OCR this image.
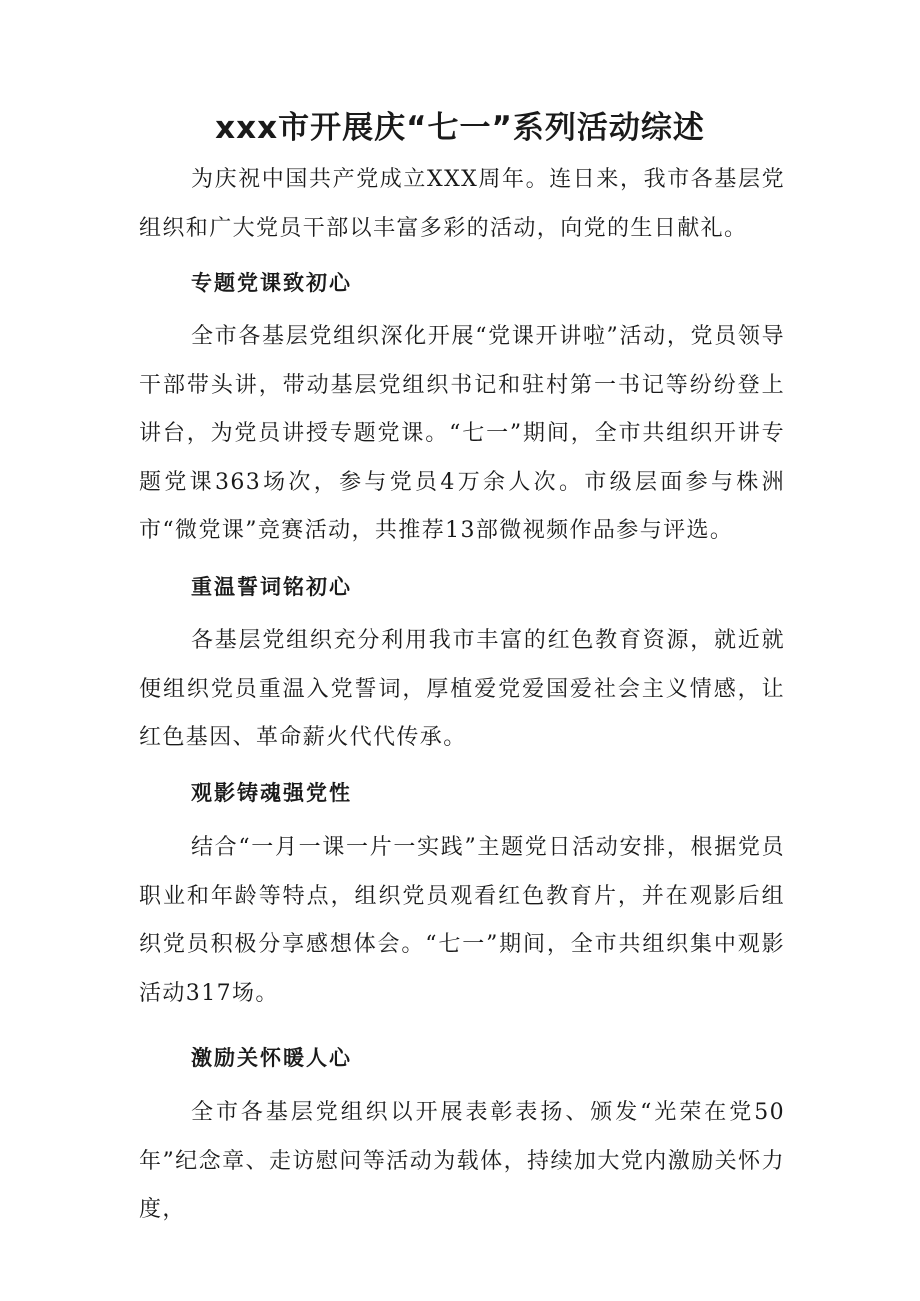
xxx市开展庆“七一”系列活动综述

为庆祝中国共产党成立XXX周年。连日来，我市各基层党组织和广大党员干部以丰富多彩的活动，向党的生日献礼。

专题党课致初心

全市各基层党组织深化开展“党课开讲啦”活动，党员领导干部带头讲，带动基层党组织书记和驻村第一书记等纷纷登上讲台，为党员讲授专题党课。“七一”期间，全市共组织开讲专题党课363场次，参与党员4万余人次。市级层面参与株洲市“微党课”竞赛活动，共推荐13部微视频作品参与评选。

重温誓词铭初心

各基层党组织充分利用我市丰富的红色教育资源，就近就便组织党员重温入党誓词，厚植爱党爱国爱社会主义情感，让红色基因、革命薪火代代传承。

观影铸魂强党性

结合“一月一课一片一实践”主题党日活动安排，根据党员职业和年龄等特点，组织党员观看红色教育片，并在观影后组织党员积极分享感想体会。“七一”期间，全市共组织集中观影活动317场。

激励关怀暖人心

全市各基层党组织以开展表彰表扬、颁发“光荣在党50年”纪念章、走访慰问等活动为载体，持续加大党内激励关怀力度，
